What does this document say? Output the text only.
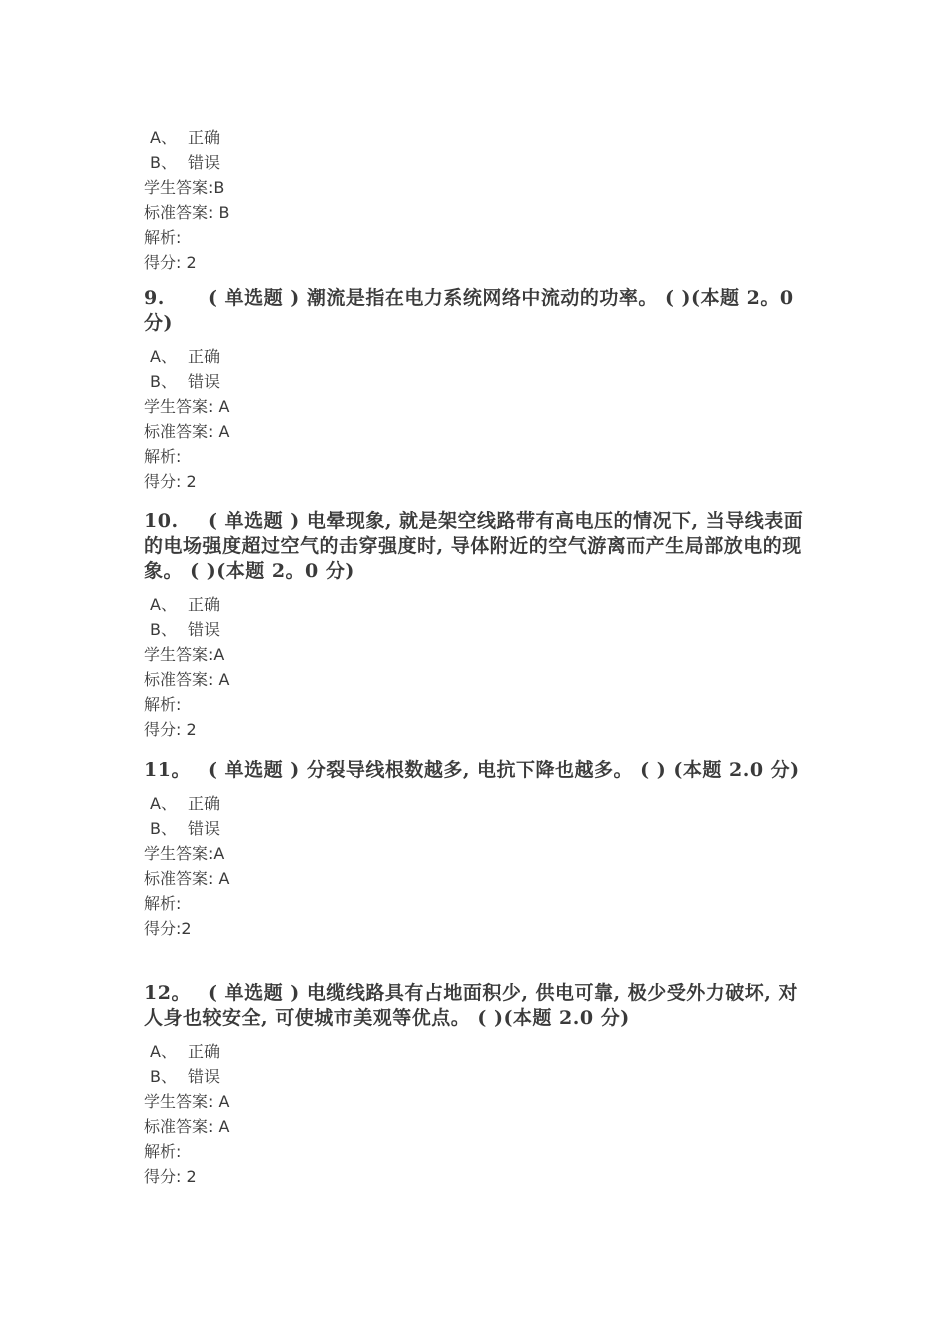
A、 正确
B、 错误
学生答案:B
标准答案: B
解析:
得分: 2
9. ( 单选题 ) 潮流是指在电力系统网络中流动的功率。 ( )(本题 2。0 分)
A、 正确
B、 错误
学生答案: A
标准答案: A
解析:
得分: 2
10. ( 单选题 ) 电晕现象, 就是架空线路带有高电压的情况下, 当导线表面的电场强度超过空气的击穿强度时, 导体附近的空气游离而产生局部放电的现象。 ( )(本题 2。0 分)
A、 正确
B、 错误
学生答案:A
标准答案: A
解析:
得分: 2
11。 ( 单选题 ) 分裂导线根数越多, 电抗下降也越多。 ( ) (本题 2.0 分)
A、 正确
B、 错误
学生答案:A
标准答案: A
解析:
得分:2
12。 ( 单选题 ) 电缆线路具有占地面积少, 供电可靠, 极少受外力破坏, 对人身也较安全, 可使城市美观等优点。 ( )(本题 2.0 分)
A、 正确
B、 错误
学生答案: A
标准答案: A
解析:
得分: 2
